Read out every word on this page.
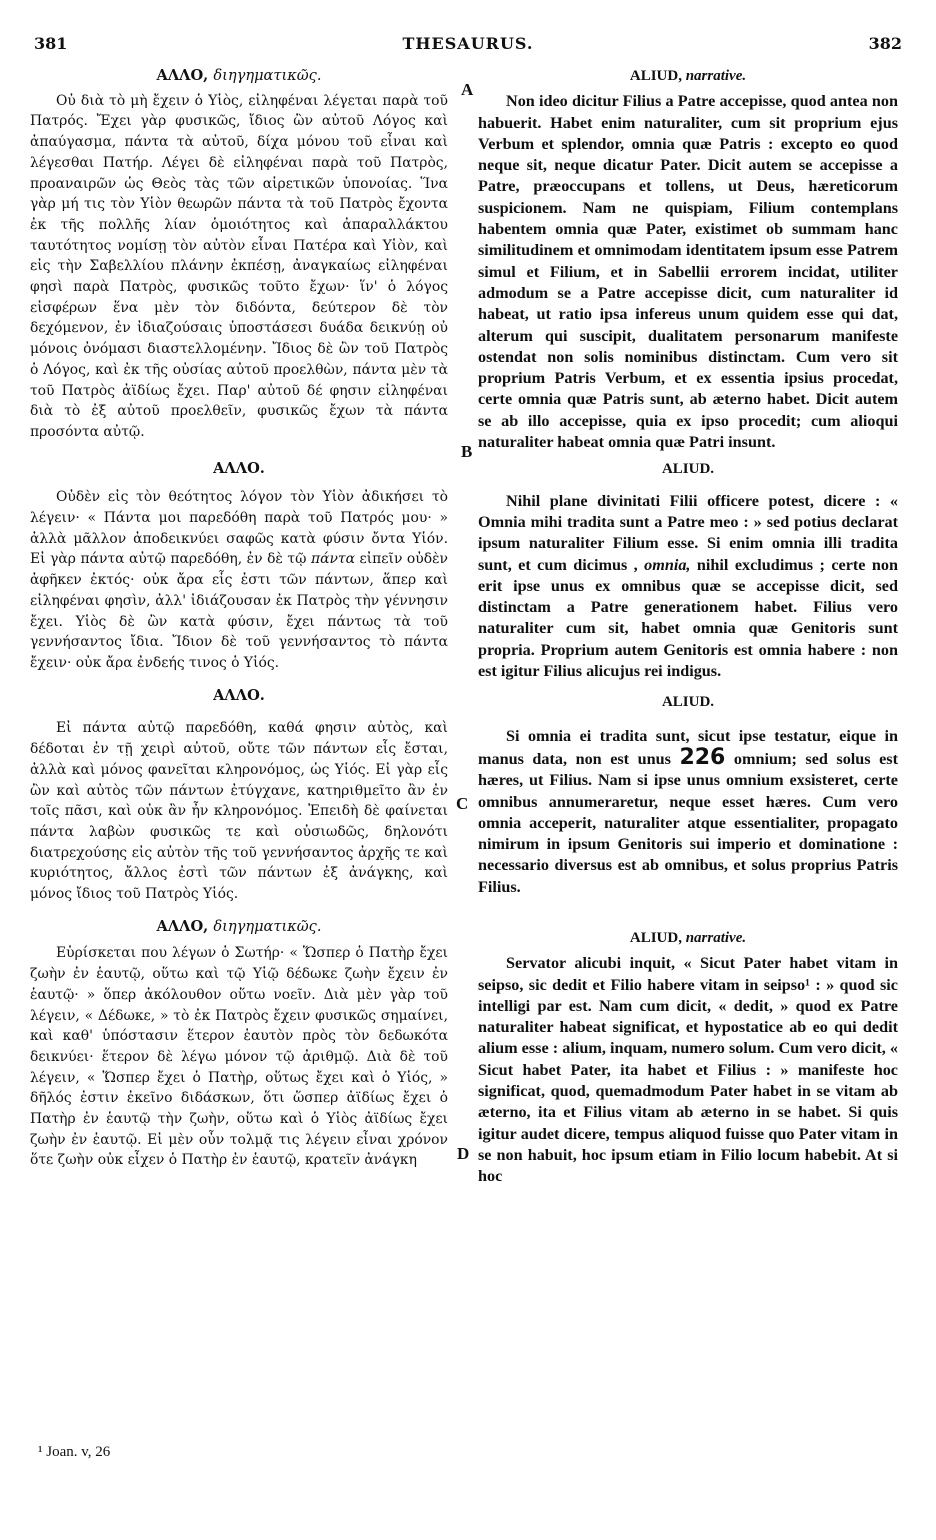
381	THESAURUS.	382
A
B
C
D
ΑΛΛΟ, διηγηματικῶς.

Οὐ διὰ τὸ μὴ ἔχειν ὁ Υἱὸς, εἰληφέναι λέγεται παρὰ τοῦ Πατρός. Ἔχει γὰρ φυσικῶς, ἴδιος ὢν αὐτοῦ Λόγος καὶ ἀπαύγασμα, πάντα τὰ αὐτοῦ, δίχα μόνου τοῦ εἶναι καὶ λέγεσθαι Πατήρ. Λέγει δὲ εἰληφέναι παρὰ τοῦ Πατρὸς, προαναιρῶν ὡς Θεὸς τὰς τῶν αἱρετικῶν ὑπονοίας. Ἵνα γὰρ μή τις τὸν Υἱὸν θεωρῶν πάντα τὰ τοῦ Πατρὸς ἔχοντα ἐκ τῆς πολλῆς λίαν ὁμοιότητος καὶ ἀπαραλλάκτου ταυτότητος νομίσῃ τὸν αὐτὸν εἶναι Πατέρα καὶ Υἱὸν, καὶ εἰς τὴν Σαβελλίου πλάνην ἐκπέσῃ, ἀναγκαίως εἰληφέναι φησὶ παρὰ Πατρὸς, φυσικῶς τοῦτο ἔχων· ἵν' ὁ λόγος εἰσφέρων ἕνα μὲν τὸν διδόντα, δεύτερον δὲ τὸν δεχόμενον, ἐν ἰδιαζούσαις ὑποστάσεσι δυάδα δεικνύῃ οὐ μόνοις ὀνόμασι διαστελλομένην. Ἴδιος δὲ ὢν τοῦ Πατρὸς ὁ Λόγος, καὶ ἐκ τῆς οὐσίας αὐτοῦ προελθὼν, πάντα μὲν τὰ τοῦ Πατρὸς ἀϊδίως ἔχει. Παρ' αὐτοῦ δέ φησιν εἰληφέναι διὰ τὸ ἐξ αὐτοῦ προελθεῖν, φυσικῶς ἔχων τὰ πάντα προσόντα αὐτῷ.

ΑΛΛΟ.

Οὐδὲν εἰς τὸν θεότητος λόγον τὸν Υἱὸν ἀδικήσει τὸ λέγειν· « Πάντα μοι παρεδόθη παρὰ τοῦ Πατρός μου· » ἀλλὰ μᾶλλον ἀποδεικνύει σαφῶς κατὰ φύσιν ὄντα Υἱόν. Εἰ γὰρ πάντα αὐτῷ παρεδόθη, ἐν δὲ τῷ πάντα εἰπεῖν οὐδὲν ἀφῆκεν ἐκτός· οὐκ ἄρα εἷς ἐστι τῶν πάντων, ἅπερ καὶ εἰληφέναι φησὶν, ἀλλ' ἰδιάζουσαν ἐκ Πατρὸς τὴν γέννησιν ἔχει. Υἱὸς δὲ ὢν κατὰ φύσιν, ἔχει πάντως τὰ τοῦ γεννήσαντος ἴδια. Ἴδιον δὲ τοῦ γεννήσαντος τὸ πάντα ἔχειν· οὐκ ἄρα ἐνδεής τινος ὁ Υἱός.

ΑΛΛΟ.

Εἰ πάντα αὐτῷ παρεδόθη, καθά φησιν αὐτὸς, καὶ δέδοται ἐν τῇ χειρὶ αὐτοῦ, οὔτε τῶν πάντων εἷς ἔσται, ἀλλὰ καὶ μόνος φανεῖται κληρονόμος, ὡς Υἱός. Εἰ γὰρ εἷς ὢν καὶ αὐτὸς τῶν πάντων ἐτύγχανε, κατηριθμεῖτο ἂν ἐν τοῖς πᾶσι, καὶ οὐκ ἂν ἦν κληρονόμος. Ἐπειδὴ δὲ φαίνεται πάντα λαβὼν φυσικῶς τε καὶ οὐσιωδῶς, δηλονότι διατρεχούσης εἰς αὐτὸν τῆς τοῦ γεννήσαντος ἀρχῆς τε καὶ κυριότητος, ἄλλος ἐστὶ τῶν πάντων ἐξ ἀνάγκης, καὶ μόνος ἴδιος τοῦ Πατρὸς Υἱός.

ΑΛΛΟ, διηγηματικῶς.

Εὑρίσκεται που λέγων ὁ Σωτήρ· « Ὥσπερ ὁ Πατὴρ ἔχει ζωὴν ἐν ἑαυτῷ, οὕτω καὶ τῷ Υἱῷ δέδωκε ζωὴν ἔχειν ἐν ἑαυτῷ· » ὅπερ ἀκόλουθον οὕτω νοεῖν. Διὰ μὲν γὰρ τοῦ λέγειν, « Δέδωκε, » τὸ ἐκ Πατρὸς ἔχειν φυσικῶς σημαίνει, καὶ καθ' ὑπόστασιν ἕτερον ἑαυτὸν πρὸς τὸν δεδωκότα δεικνύει· ἕτερον δὲ λέγω μόνον τῷ ἀριθμῷ. Διὰ δὲ τοῦ λέγειν, « Ὥσπερ ἔχει ὁ Πατὴρ, οὕτως ἔχει καὶ ὁ Υἱός, » δῆλός ἐστιν ἐκεῖνο διδάσκων, ὅτι ὥσπερ ἀϊδίως ἔχει ὁ Πατὴρ ἐν ἑαυτῷ τὴν ζωὴν, οὕτω καὶ ὁ Υἱὸς ἀϊδίως ἔχει ζωὴν ἐν ἑαυτῷ. Εἰ μὲν οὖν τολμᾷ τις λέγειν εἶναι χρόνον ὅτε ζωὴν οὐκ εἶχεν ὁ Πατὴρ ἐν ἑαυτῷ, κρατεῖν ἀνάγκη

ALIUD, narrative.

Non ideo dicitur Filius a Patre accepisse, quod antea non habuerit. Habet enim naturaliter, cum sit proprium ejus Verbum et splendor, omnia quæ Patris : excepto eo quod neque sit, neque dicatur Pater. Dicit autem se accepisse a Patre, præoccupans et tollens, ut Deus, hæreticorum suspicionem. Nam ne quispiam, Filium contemplans habentem omnia quæ Pater, existimet ob summam hanc similitudinem et omnimodam identitatem ipsum esse Patrem simul et Filium, et in Sabellii errorem incidat, utiliter admodum se a Patre accepisse dicit, cum naturaliter id habeat, ut ratio ipsa infereus unum quidem esse qui dat, alterum qui suscipit, dualitatem personarum manifeste ostendat non solis nominibus distinctam. Cum vero sit proprium Patris Verbum, et ex essentia ipsius procedat, certe omnia quæ Patris sunt, ab æterno habet. Dicit autem se ab illo accepisse, quia ex ipso procedit; cum alioqui naturaliter habeat omnia quæ Patri insunt.

ALIUD.

Nihil plane divinitati Filii officere potest, dicere : « Omnia mihi tradita sunt a Patre meo : » sed potius declarat ipsum naturaliter Filium esse. Si enim omnia illi tradita sunt, et cum dicimus , omnia, nihil excludimus ; certe non erit ipse unus ex omnibus quæ se accepisse dicit, sed distinctam a Patre generationem habet. Filius vero naturaliter cum sit, habet omnia quæ Genitoris sunt propria. Proprium autem Genitoris est omnia habere : non est igitur Filius alicujus rei indigus.

ALIUD.

Si omnia ei tradita sunt, sicut ipse testatur, eique in manus data, non est unus 226 omnium; sed solus est hæres, ut Filius. Nam si ipse unus omnium exsisteret, certe omnibus annumeraretur, neque esset hæres. Cum vero omnia acceperit, naturaliter atque essentialiter, propagato nimirum in ipsum Genitoris sui imperio et dominatione : necessario diversus est ab omnibus, et solus proprius Patris Filius.

ALIUD, narrative.

Servator alicubi inquit, « Sicut Pater habet vitam in seipso, sic dedit et Filio habere vitam in seipso¹ : » quod sic intelligi par est. Nam cum dicit, « dedit, » quod ex Patre naturaliter habeat significat, et hypostatice ab eo qui dedit alium esse : alium, inquam, numero solum. Cum vero dicit, « Sicut habet Pater, ita habet et Filius : » manifeste hoc significat, quod, quemadmodum Pater habet in se vitam ab æterno, ita et Filius vitam ab æterno in se habet. Si quis igitur audet dicere, tempus aliquod fuisse quo Pater vitam in se non habuit, hoc ipsum etiam in Filio locum habebit. At si hoc

¹ Joan. v, 26
